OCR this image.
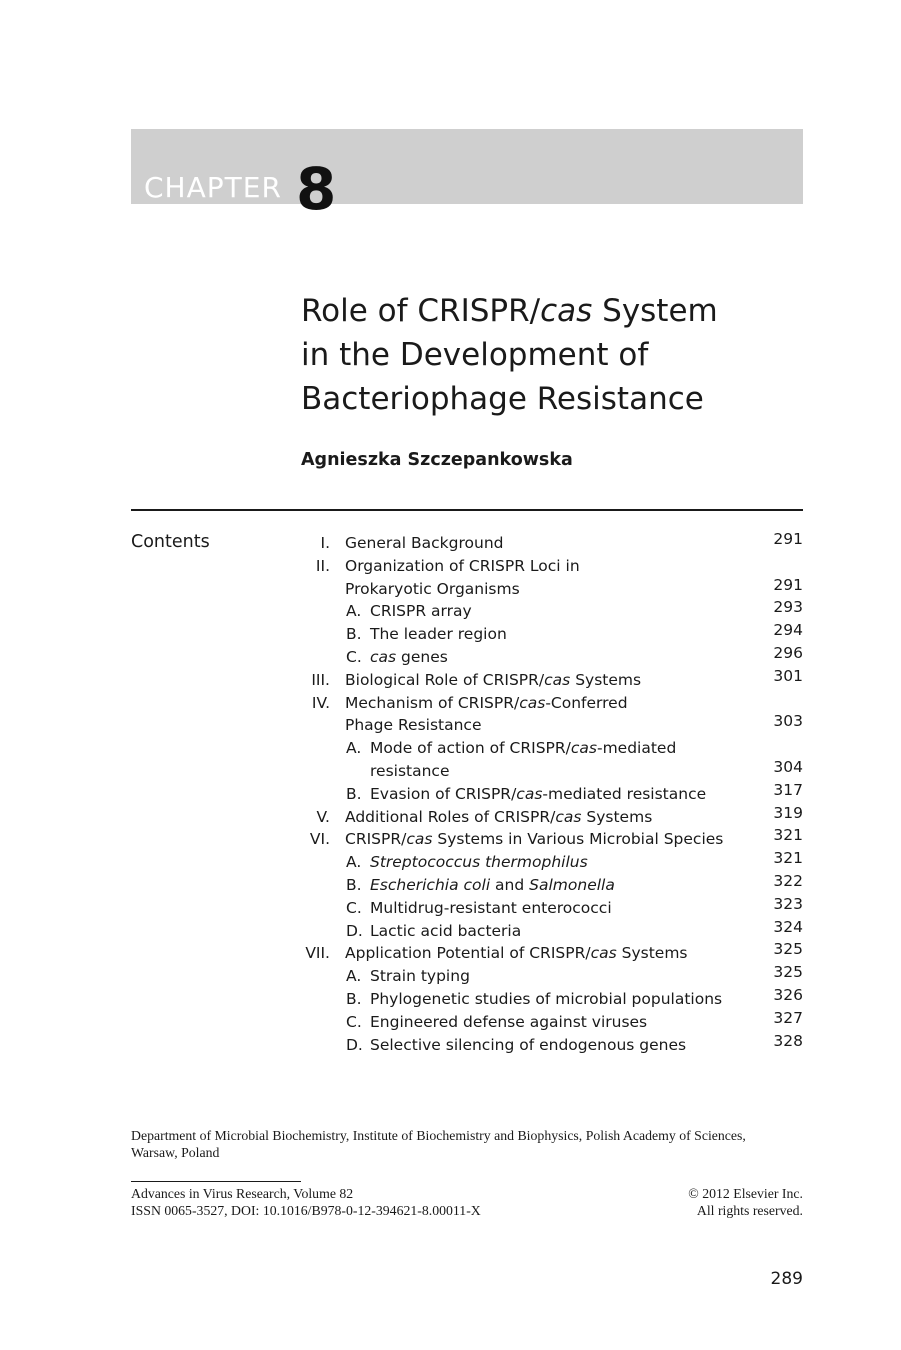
CHAPTER 8
Role of CRISPR/cas System
in the Development of
Bacteriophage Resistance
Agnieszka Szczepankowska
Contents	I. General Background	291
II. Organization of CRISPR Loci in
Prokaryotic Organisms	291
A. CRISPR array	293
B. The leader region	294
C. cas genes	296
III. Biological Role of CRISPR/cas Systems	301
IV. Mechanism of CRISPR/cas-Conferred
Phage Resistance	303
A. Mode of action of CRISPR/cas-mediated
resistance	304
B. Evasion of CRISPR/cas-mediated resistance	317
V. Additional Roles of CRISPR/cas Systems	319
VI. CRISPR/cas Systems in Various Microbial Species	321
A. Streptococcus thermophilus	321
B. Escherichia coli and Salmonella	322
C. Multidrug-resistant enterococci	323
D. Lactic acid bacteria	324
VII. Application Potential of CRISPR/cas Systems	325
A. Strain typing	325
B. Phylogenetic studies of microbial populations	326
C. Engineered defense against viruses	327
D. Selective silencing of endogenous genes	328
Department of Microbial Biochemistry, Institute of Biochemistry and Biophysics, Polish Academy of Sciences,
Warsaw, Poland
Advances in Virus Research, Volume 82
ISSN 0065-3527, DOI: 10.1016/B978-0-12-394621-8.00011-X
© 2012 Elsevier Inc.
All rights reserved.
289
